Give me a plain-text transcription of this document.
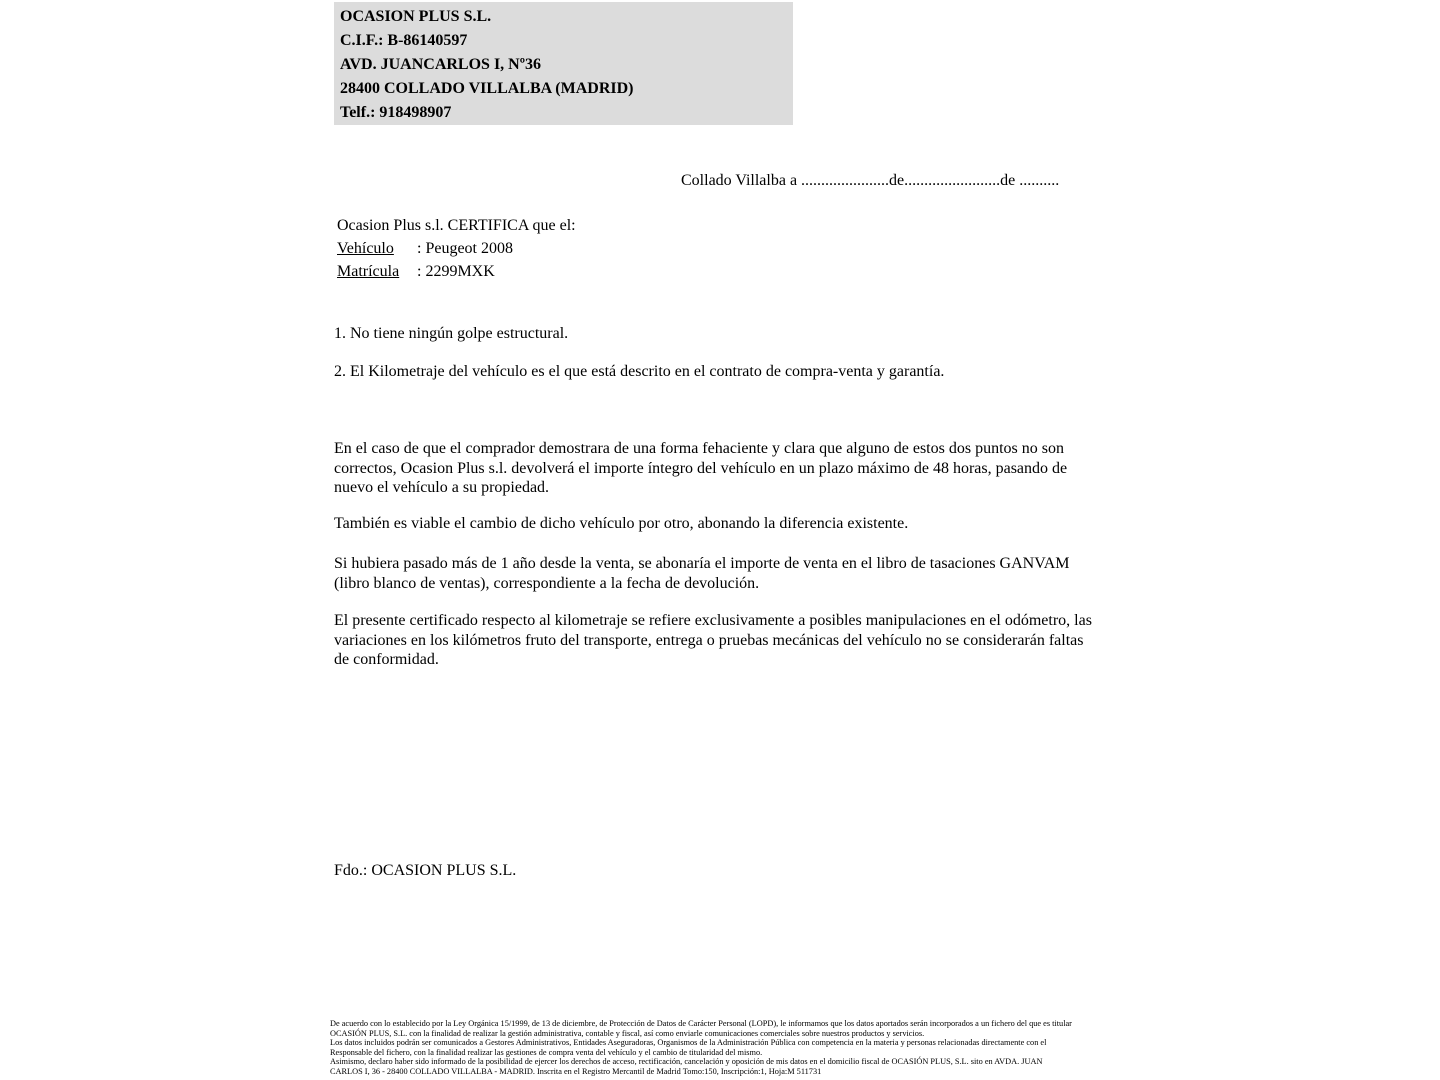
OCASION PLUS S.L.
C.I.F.: B-86140597
AVD. JUANCARLOS I, Nº36
28400 COLLADO VILLALBA (MADRID)
Telf.: 918498907
Collado Villalba a ......................de........................de ..........
Ocasion Plus s.l. CERTIFICA que el:
Vehículo : Peugeot 2008
Matrícula : 2299MXK
1. No tiene ningún golpe estructural.
2. El Kilometraje del vehículo es el que está descrito en el contrato de compra-venta y garantía.
En el caso de que el comprador demostrara de una forma fehaciente y clara que alguno de estos dos puntos no son correctos, Ocasion Plus s.l. devolverá el importe íntegro del vehículo en un plazo máximo de 48 horas, pasando de nuevo el vehículo a su propiedad.
También es viable el cambio de dicho vehículo por otro, abonando la diferencia existente.
Si hubiera pasado más de 1 año desde la venta, se abonaría el importe de venta en el libro de tasaciones GANVAM (libro blanco de ventas), correspondiente a la fecha de devolución.
El presente certificado respecto al kilometraje se refiere exclusivamente a posibles manipulaciones en el odómetro, las variaciones en los kilómetros fruto del transporte, entrega o pruebas mecánicas del vehículo no se considerarán faltas de conformidad.
Fdo.: OCASION PLUS S.L.
De acuerdo con lo establecido por la Ley Orgánica 15/1999, de 13 de diciembre, de Protección de Datos de Carácter Personal (LOPD), le informamos que los datos aportados serán incorporados a un fichero del que es titular
OCASIÓN PLUS, S.L. con la finalidad de realizar la gestión administrativa, contable y fiscal, así como enviarle comunicaciones comerciales sobre nuestros productos y servicios.
Los datos incluidos podrán ser comunicados a Gestores Administrativos, Entidades Aseguradoras, Organismos de la Administración Pública con competencia en la materia y personas relacionadas directamente con el
Responsable del fichero, con la finalidad realizar las gestiones de compra venta del vehículo y el cambio de titularidad del mismo.
Asimismo, declaro haber sido informado de la posibilidad de ejercer los derechos de acceso, rectificación, cancelación y oposición de mis datos en el domicilio fiscal de OCASIÓN PLUS, S.L. sito en AVDA. JUAN
CARLOS I, 36 - 28400 COLLADO VILLALBA - MADRID. Inscrita en el Registro Mercantil de Madrid Tomo:150, Inscripción:1, Hoja:M 511731
